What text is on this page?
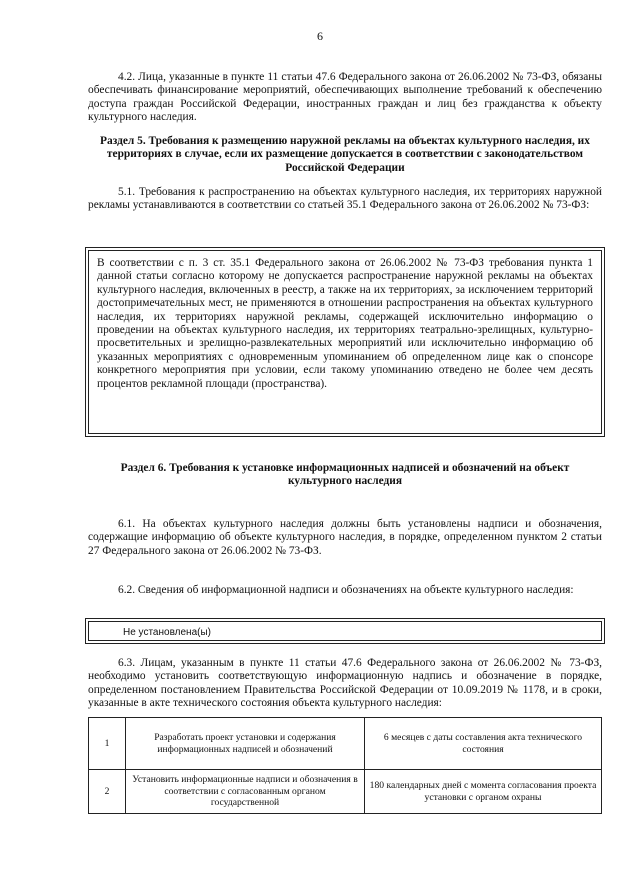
6

4.2. Лица, указанные в пункте 11 статьи 47.6 Федерального закона от 26.06.2002 № 73-ФЗ, обязаны обеспечивать финансирование мероприятий, обеспечивающих выполнение требований к обеспечению доступа граждан Российской Федерации, иностранных граждан и лиц без гражданства к объекту культурного наследия.

Раздел 5. Требования к размещению наружной рекламы на объектах культурного наследия, их территориях в случае, если их размещение допускается в соответствии с законодательством Российской Федерации

5.1. Требования к распространению на объектах культурного наследия, их территориях наружной рекламы устанавливаются в соответствии со статьей 35.1 Федерального закона от 26.06.2002 № 73-ФЗ:

В соответствии с п. 3 ст. 35.1 Федерального закона от 26.06.2002 № 73-ФЗ требования пункта 1 данной статьи согласно которому не допускается распространение наружной рекламы на объектах культурного наследия, включенных в реестр, а также на их территориях, за исключением территорий достопримечательных мест, не применяются в отношении распространения на объектах культурного наследия, их территориях наружной рекламы, содержащей исключительно информацию о проведении на объектах культурного наследия, их территориях театрально-зрелищных, культурно-просветительных и зрелищно-развлекательных мероприятий или исключительно информацию об указанных мероприятиях с одновременным упоминанием об определенном лице как о спонсоре конкретного мероприятия при условии, если такому упоминанию отведено не более чем десять процентов рекламной площади (пространства).

Раздел 6. Требования к установке информационных надписей и обозначений на объект культурного наследия

6.1. На объектах культурного наследия должны быть установлены надписи и обозначения, содержащие информацию об объекте культурного наследия, в порядке, определенном пунктом 2 статьи 27 Федерального закона от 26.06.2002 № 73-ФЗ.

6.2. Сведения об информационной надписи и обозначениях на объекте культурного наследия:

Не установлена(ы)

6.3. Лицам, указанным в пункте 11 статьи 47.6 Федерального закона от 26.06.2002 № 73-ФЗ, необходимо установить соответствующую информационную надпись и обозначение в порядке, определенном постановлением Правительства Российской Федерации от 10.09.2019 № 1178, и в сроки, указанные в акте технического состояния объекта культурного наследия:

1	Разработать проект установки и содержания информационных надписей и обозначений	6 месяцев с даты составления акта технического состояния
2	Установить информационные надписи и обозначения в соответствии с согласованным органом государственной	180 календарных дней с момента согласования проекта установки с органом охраны
